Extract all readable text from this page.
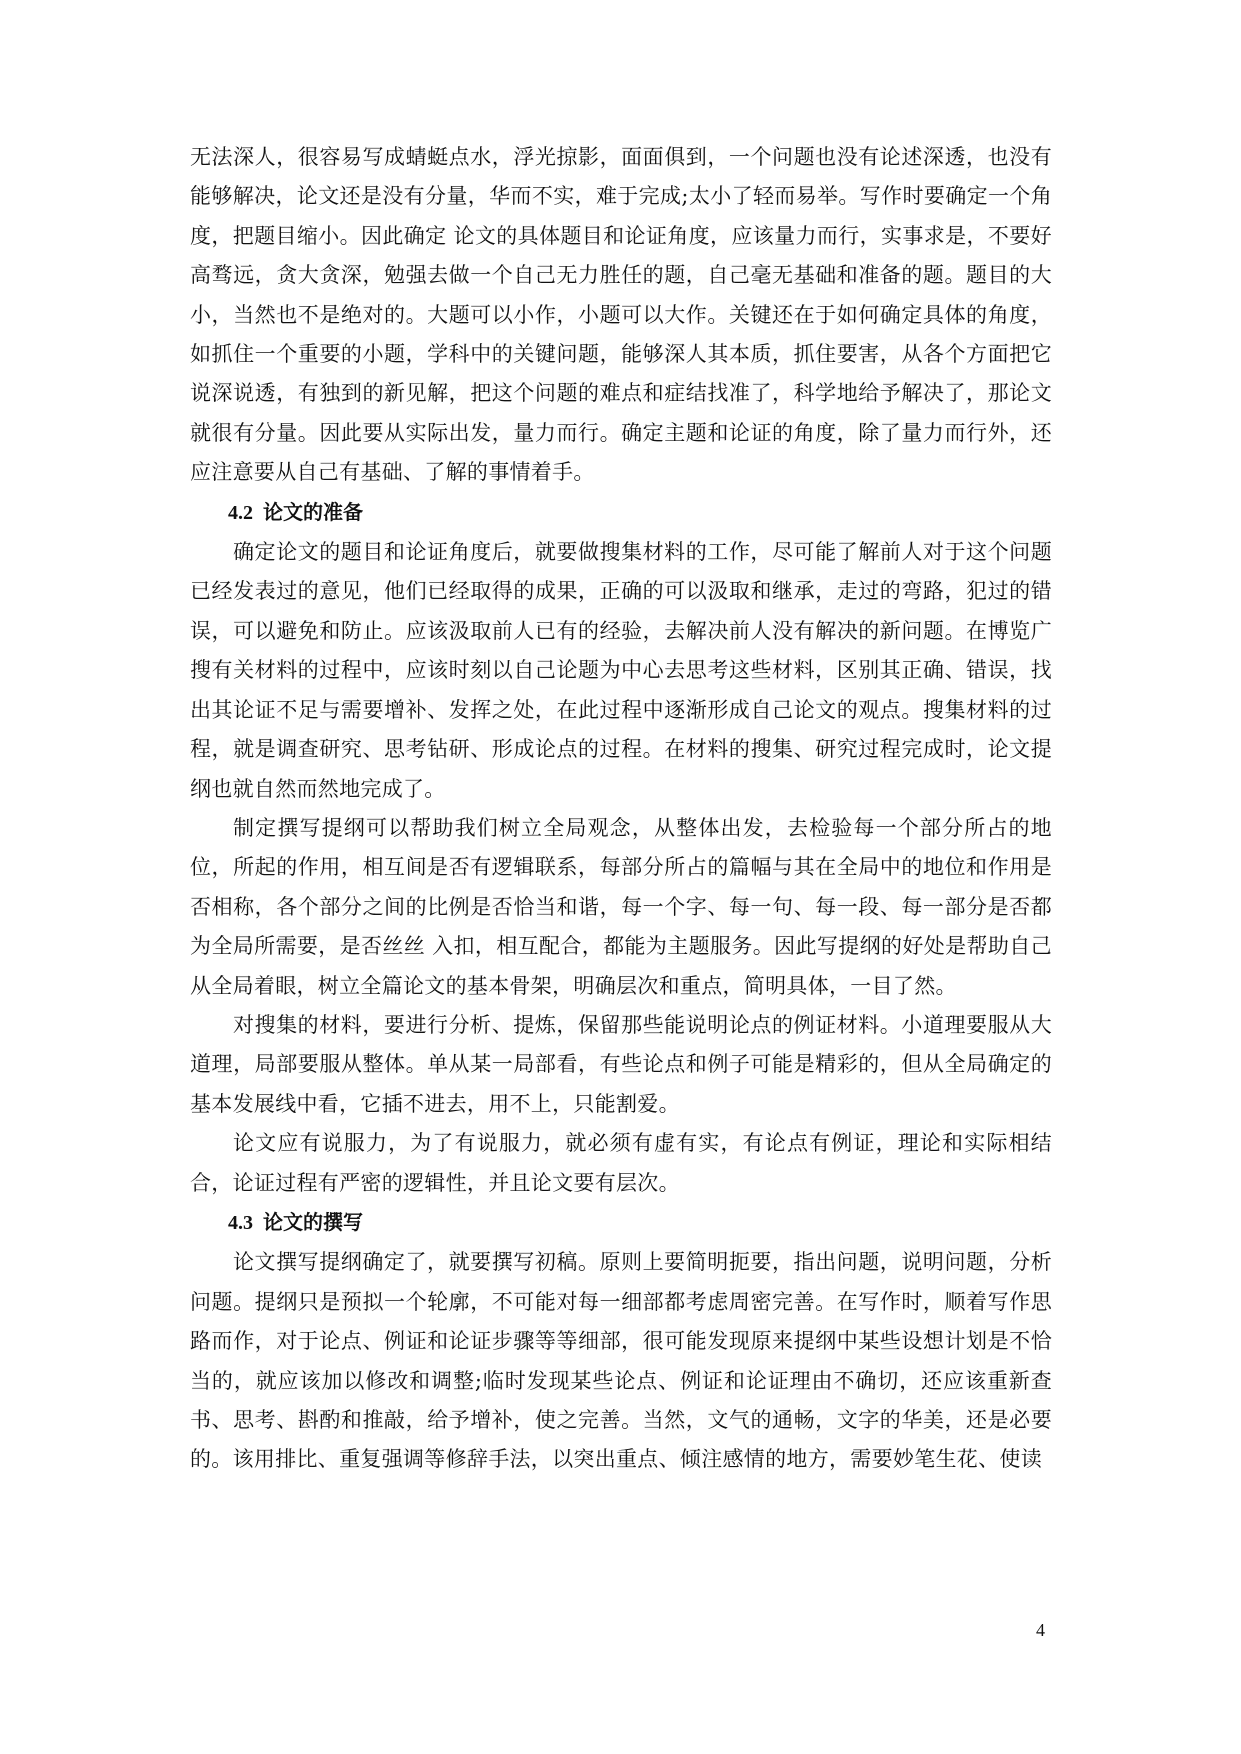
无法深人，很容易写成蜻蜓点水，浮光掠影，面面俱到，一个问题也没有论述深透，也没有能够解决，论文还是没有分量，华而不实，难于完成;太小了轻而易举。写作时要确定一个角度，把题目缩小。因此确定 论文的具体题目和论证角度，应该量力而行，实事求是，不要好高骛远，贪大贪深，勉强去做一个自己无力胜任的题，自己毫无基础和准备的题。题目的大小，当然也不是绝对的。大题可以小作，小题可以大作。关键还在于如何确定具体的角度，如抓住一个重要的小题，学科中的关键问题，能够深人其本质，抓住要害，从各个方面把它说深说透，有独到的新见解，把这个问题的难点和症结找准了，科学地给予解决了，那论文就很有分量。因此要从实际出发，量力而行。确定主题和论证的角度，除了量力而行外，还应注意要从自己有基础、了解的事情着手。

4.2 论文的准备

确定论文的题目和论证角度后，就要做搜集材料的工作，尽可能了解前人对于这个问题已经发表过的意见，他们已经取得的成果，正确的可以汲取和继承，走过的弯路，犯过的错误，可以避免和防止。应该汲取前人已有的经验，去解决前人没有解决的新问题。在博览广搜有关材料的过程中，应该时刻以自己论题为中心去思考这些材料，区别其正确、错误，找出其论证不足与需要增补、发挥之处，在此过程中逐渐形成自己论文的观点。搜集材料的过程，就是调查研究、思考钻研、形成论点的过程。在材料的搜集、研究过程完成时，论文提纲也就自然而然地完成了。

制定撰写提纲可以帮助我们树立全局观念，从整体出发，去检验每一个部分所占的地位，所起的作用，相互间是否有逻辑联系，每部分所占的篇幅与其在全局中的地位和作用是否相称，各个部分之间的比例是否恰当和谐，每一个字、每一句、每一段、每一部分是否都为全局所需要，是否丝丝 入扣，相互配合，都能为主题服务。因此写提纲的好处是帮助自己从全局着眼，树立全篇论文的基本骨架，明确层次和重点，简明具体，一目了然。

对搜集的材料，要进行分析、提炼，保留那些能说明论点的例证材料。小道理要服从大道理，局部要服从整体。单从某一局部看，有些论点和例子可能是精彩的，但从全局确定的基本发展线中看，它插不进去，用不上，只能割爱。

论文应有说服力，为了有说服力，就必须有虚有实，有论点有例证，理论和实际相结合，论证过程有严密的逻辑性，并且论文要有层次。

4.3 论文的撰写

论文撰写提纲确定了，就要撰写初稿。原则上要简明扼要，指出问题，说明问题，分析问题。提纲只是预拟一个轮廓，不可能对每一细部都考虑周密完善。在写作时，顺着写作思路而作，对于论点、例证和论证步骤等等细部，很可能发现原来提纲中某些设想计划是不恰当的，就应该加以修改和调整;临时发现某些论点、例证和论证理由不确切，还应该重新查书、思考、斟酌和推敲，给予增补，使之完善。当然，文气的通畅，文字的华美，还是必要的。该用排比、重复强调等修辞手法，以突出重点、倾注感情的地方，需要妙笔生花、使读

4
